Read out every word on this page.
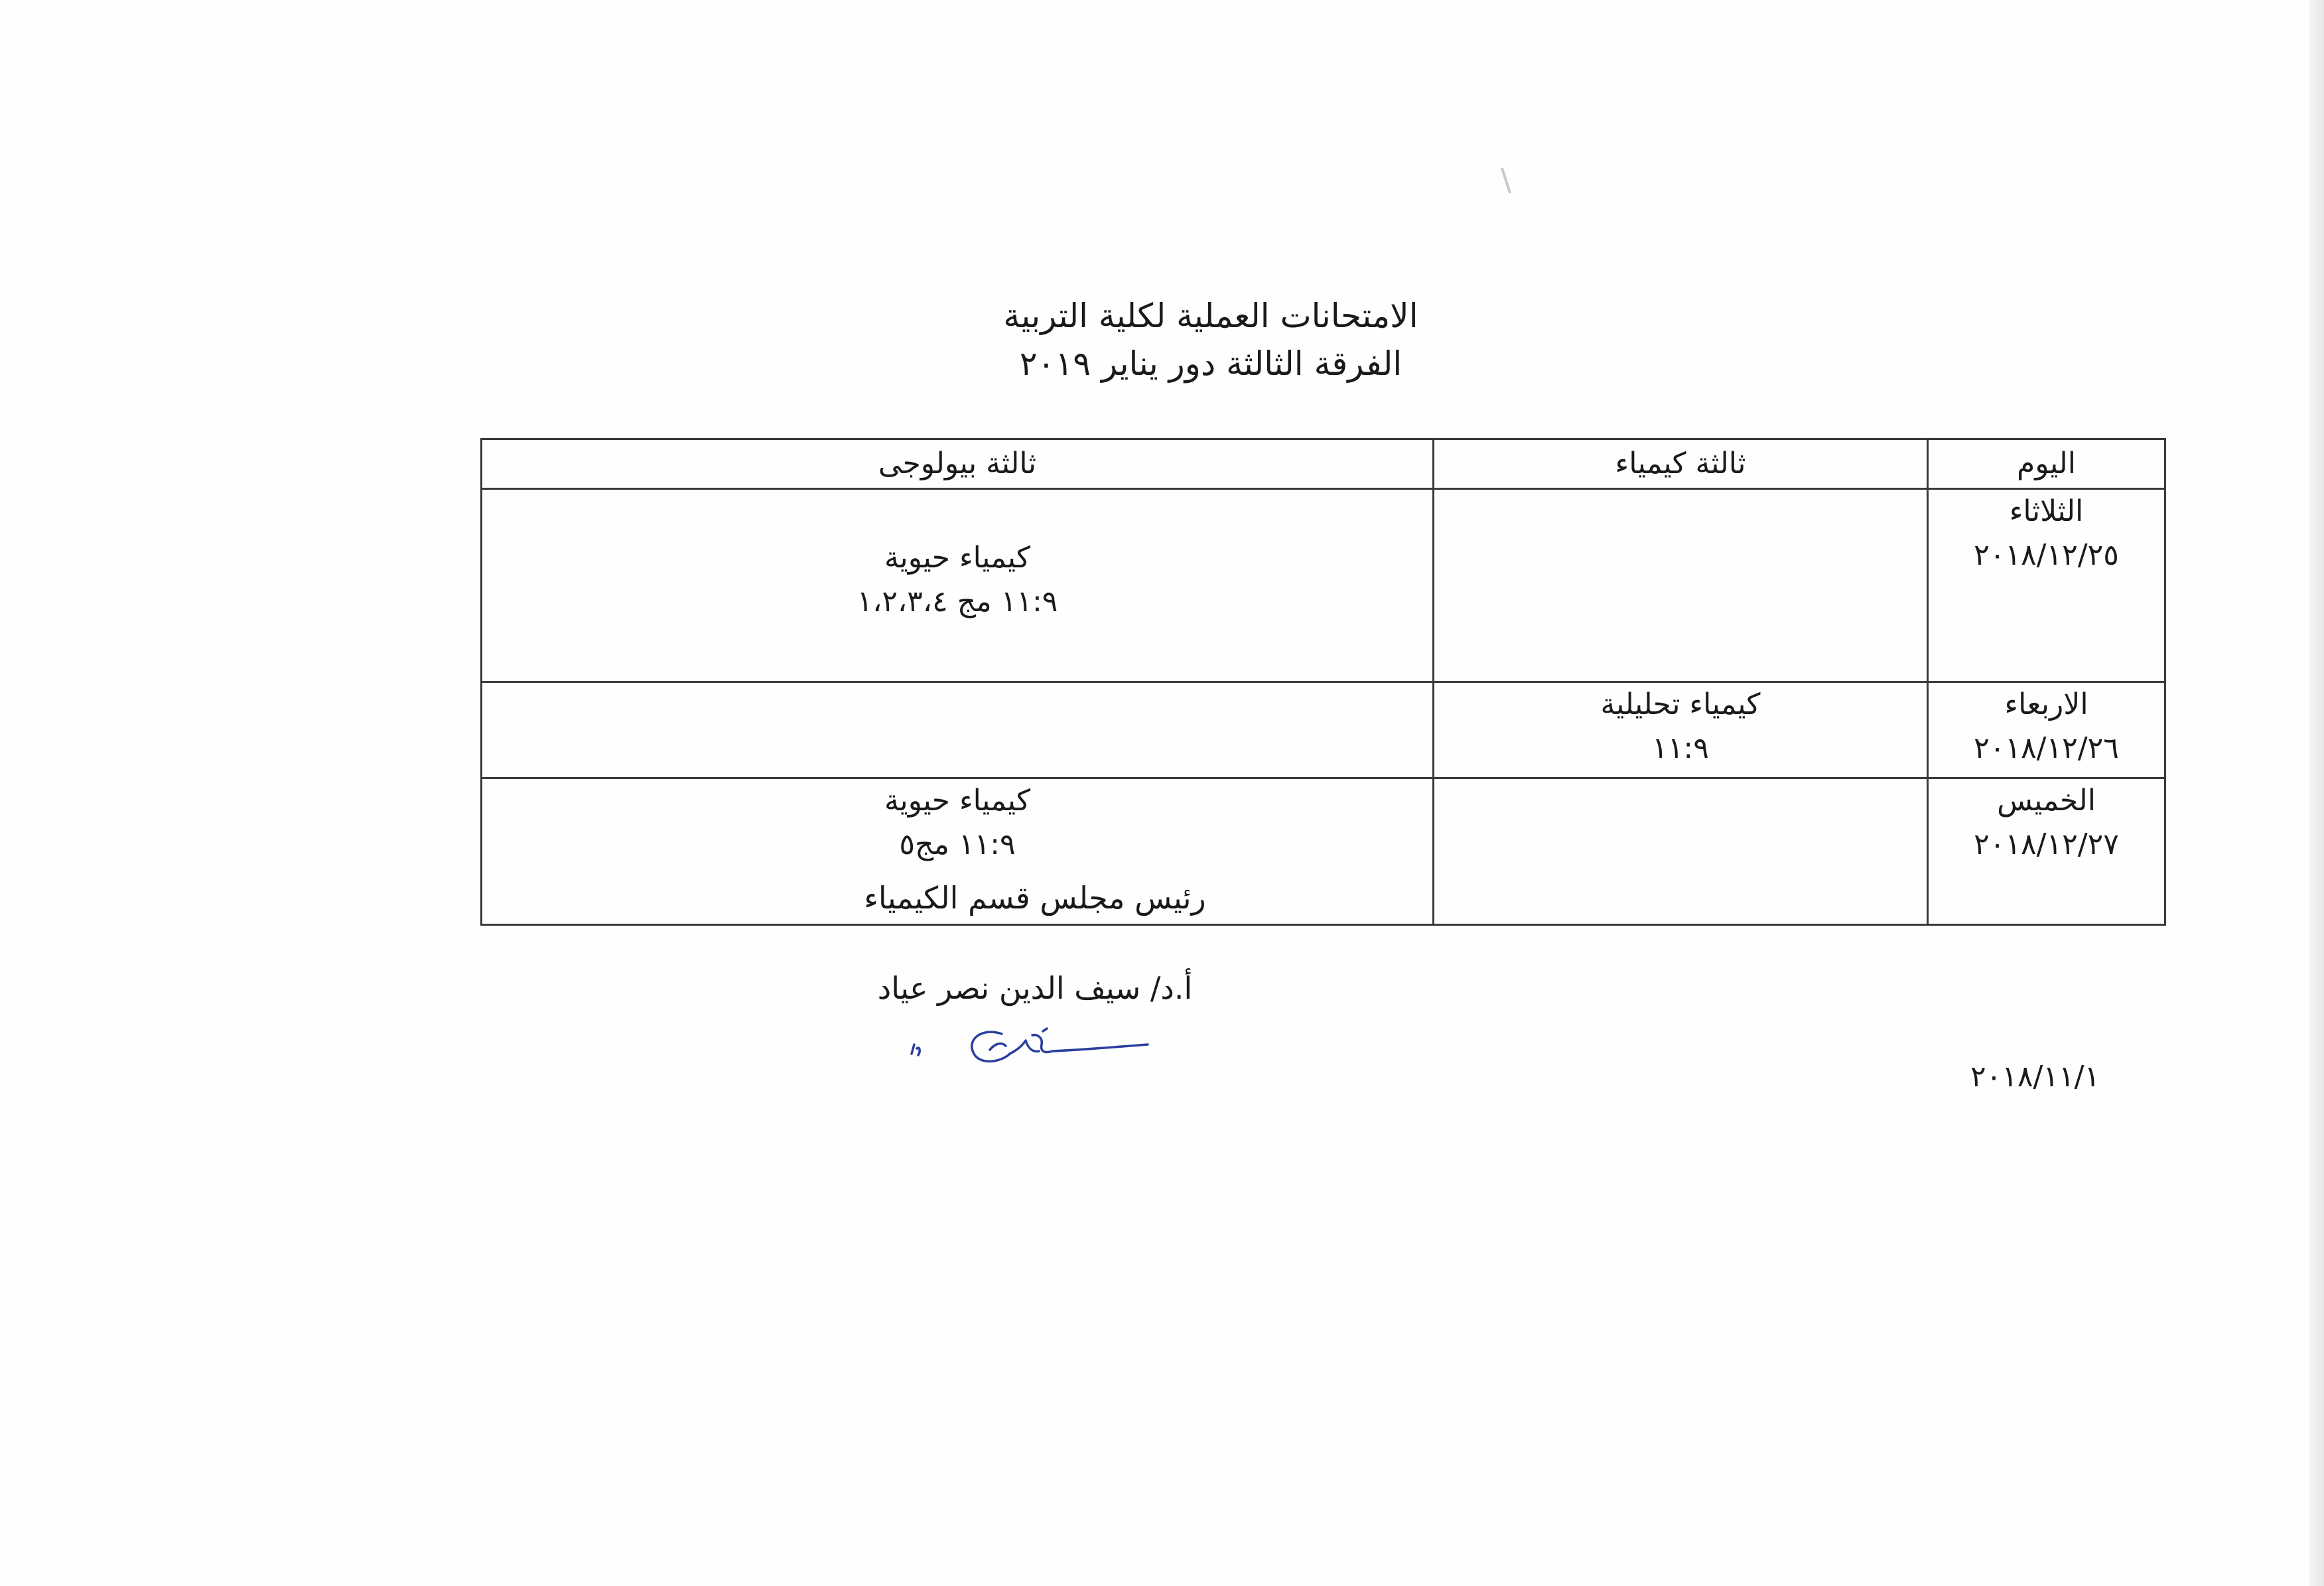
الامتحانات العملية لكلية التربية
الفرقة الثالثة دور يناير ٢٠١٩
اليوم	ثالثة كيمياء	ثالثة بيولوجى

الثلاثاء
٢٠١٨/١٢/٢٥		كيمياء حيوية
١١:٩ مج ١،٢،٣،٤

الاربعاء
٢٠١٨/١٢/٢٦	كيمياء تحليلية
١١:٩	

الخميس
٢٠١٨/١٢/٢٧		كيمياء حيوية
١١:٩ مج٥
رئيس مجلس قسم الكيمياء
أ.د/ سيف الدين نصر عياد
٢٠١٨/١١/١
